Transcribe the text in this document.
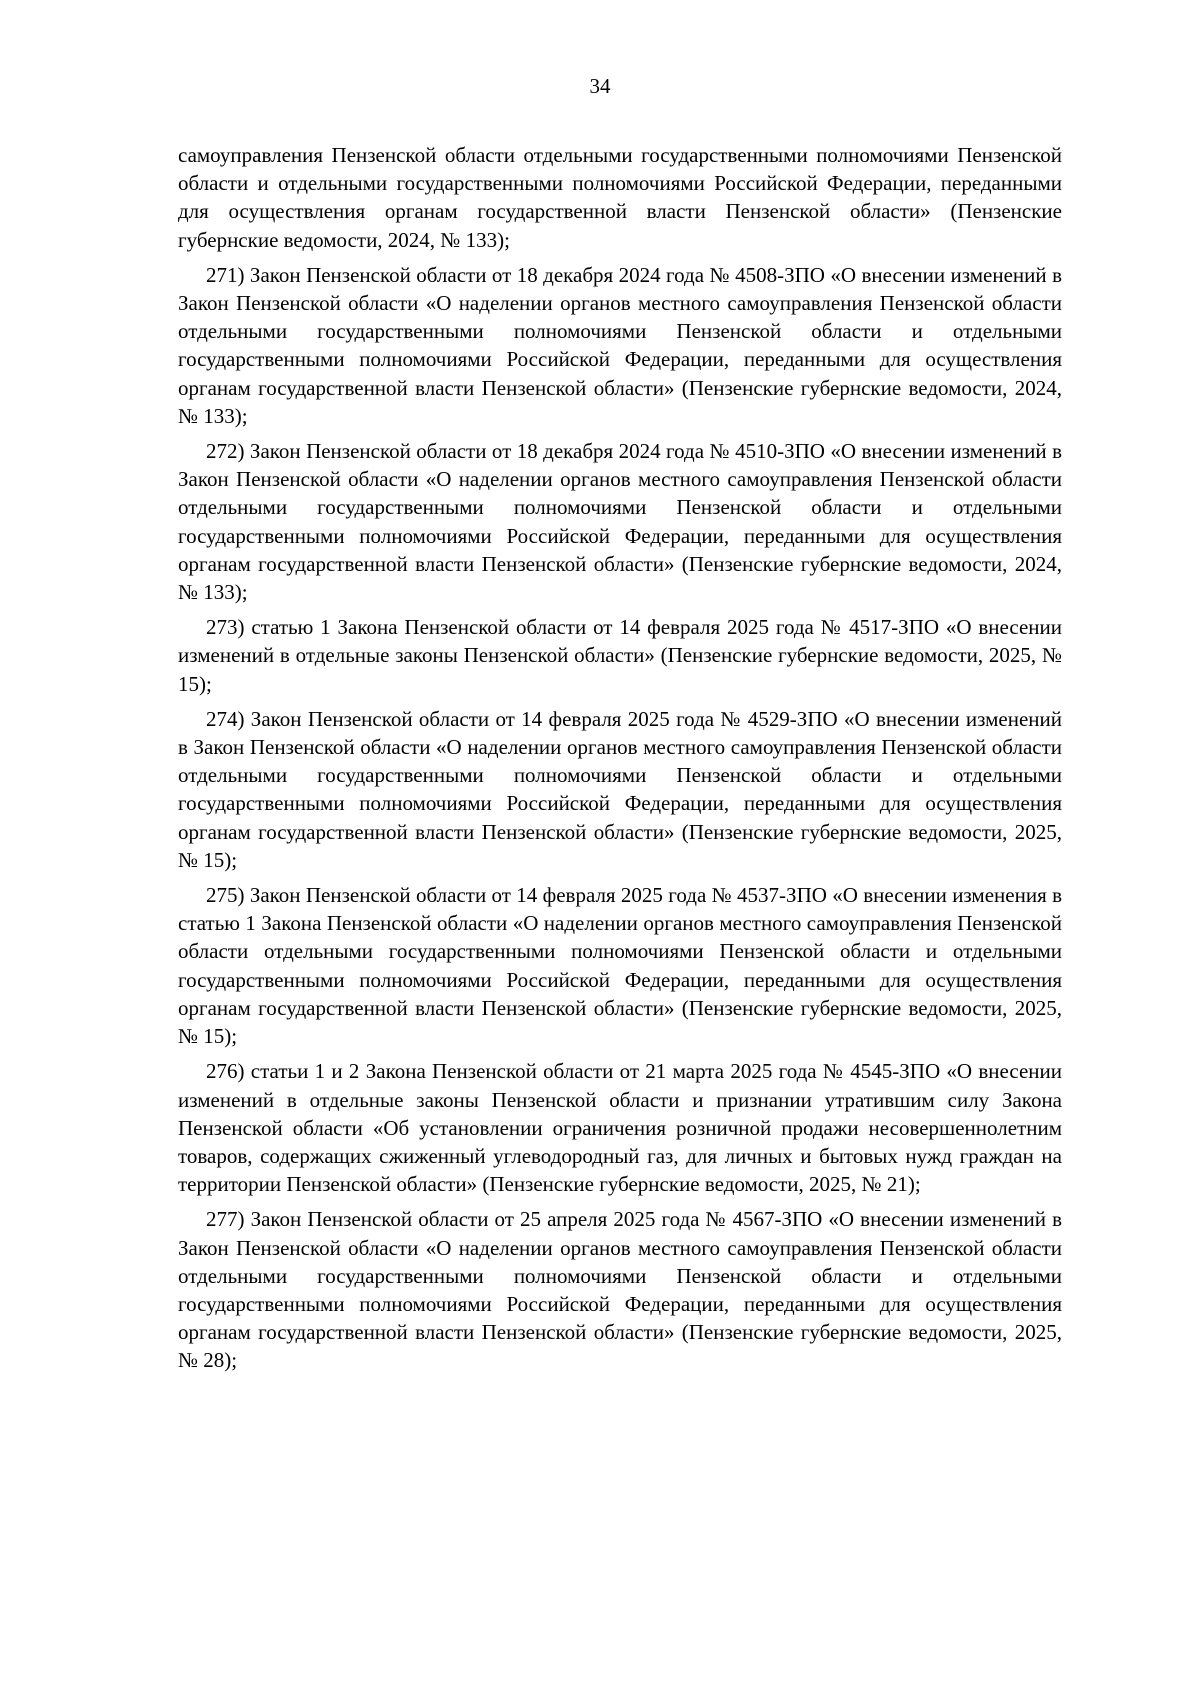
34

самоуправления Пензенской области отдельными государственными полномочиями Пензенской области и отдельными государственными полномочиями Российской Федерации, переданными для осуществления органам государственной власти Пензенской области» (Пензенские губернские ведомости, 2024, № 133);

271) Закон Пензенской области от 18 декабря 2024 года № 4508-ЗПО «О внесении изменений в Закон Пензенской области «О наделении органов местного самоуправления Пензенской области отдельными государственными полномочиями Пензенской области и отдельными государственными полномочиями Российской Федерации, переданными для осуществления органам государственной власти Пензенской области» (Пензенские губернские ведомости, 2024, № 133);

272) Закон Пензенской области от 18 декабря 2024 года № 4510-ЗПО «О внесении изменений в Закон Пензенской области «О наделении органов местного самоуправления Пензенской области отдельными государственными полномочиями Пензенской области и отдельными государственными полномочиями Российской Федерации, переданными для осуществления органам государственной власти Пензенской области» (Пензенские губернские ведомости, 2024, № 133);

273) статью 1 Закона Пензенской области от 14 февраля 2025 года № 4517-ЗПО «О внесении изменений в отдельные законы Пензенской области» (Пензенские губернские ведомости, 2025, № 15);

274) Закон Пензенской области от 14 февраля 2025 года № 4529-ЗПО «О внесении изменений в Закон Пензенской области «О наделении органов местного самоуправления Пензенской области отдельными государственными полномочиями Пензенской области и отдельными государственными полномочиями Российской Федерации, переданными для осуществления органам государственной власти Пензенской области» (Пензенские губернские ведомости, 2025, № 15);

275) Закон Пензенской области от 14 февраля 2025 года № 4537-ЗПО «О внесении изменения в статью 1 Закона Пензенской области «О наделении органов местного самоуправления Пензенской области отдельными государственными полномочиями Пензенской области и отдельными государственными полномочиями Российской Федерации, переданными для осуществления органам государственной власти Пензенской области» (Пензенские губернские ведомости, 2025, № 15);

276) статьи 1 и 2 Закона Пензенской области от 21 марта 2025 года № 4545-ЗПО «О внесении изменений в отдельные законы Пензенской области и признании утратившим силу Закона Пензенской области «Об установлении ограничения розничной продажи несовершеннолетним товаров, содержащих сжиженный углеводородный газ, для личных и бытовых нужд граждан на территории Пензенской области» (Пензенские губернские ведомости, 2025, № 21);

277) Закон Пензенской области от 25 апреля 2025 года № 4567-ЗПО «О внесении изменений в Закон Пензенской области «О наделении органов местного самоуправления Пензенской области отдельными государственными полномочиями Пензенской области и отдельными государственными полномочиями Российской Федерации, переданными для осуществления органам государственной власти Пензенской области» (Пензенские губернские ведомости, 2025, № 28);
